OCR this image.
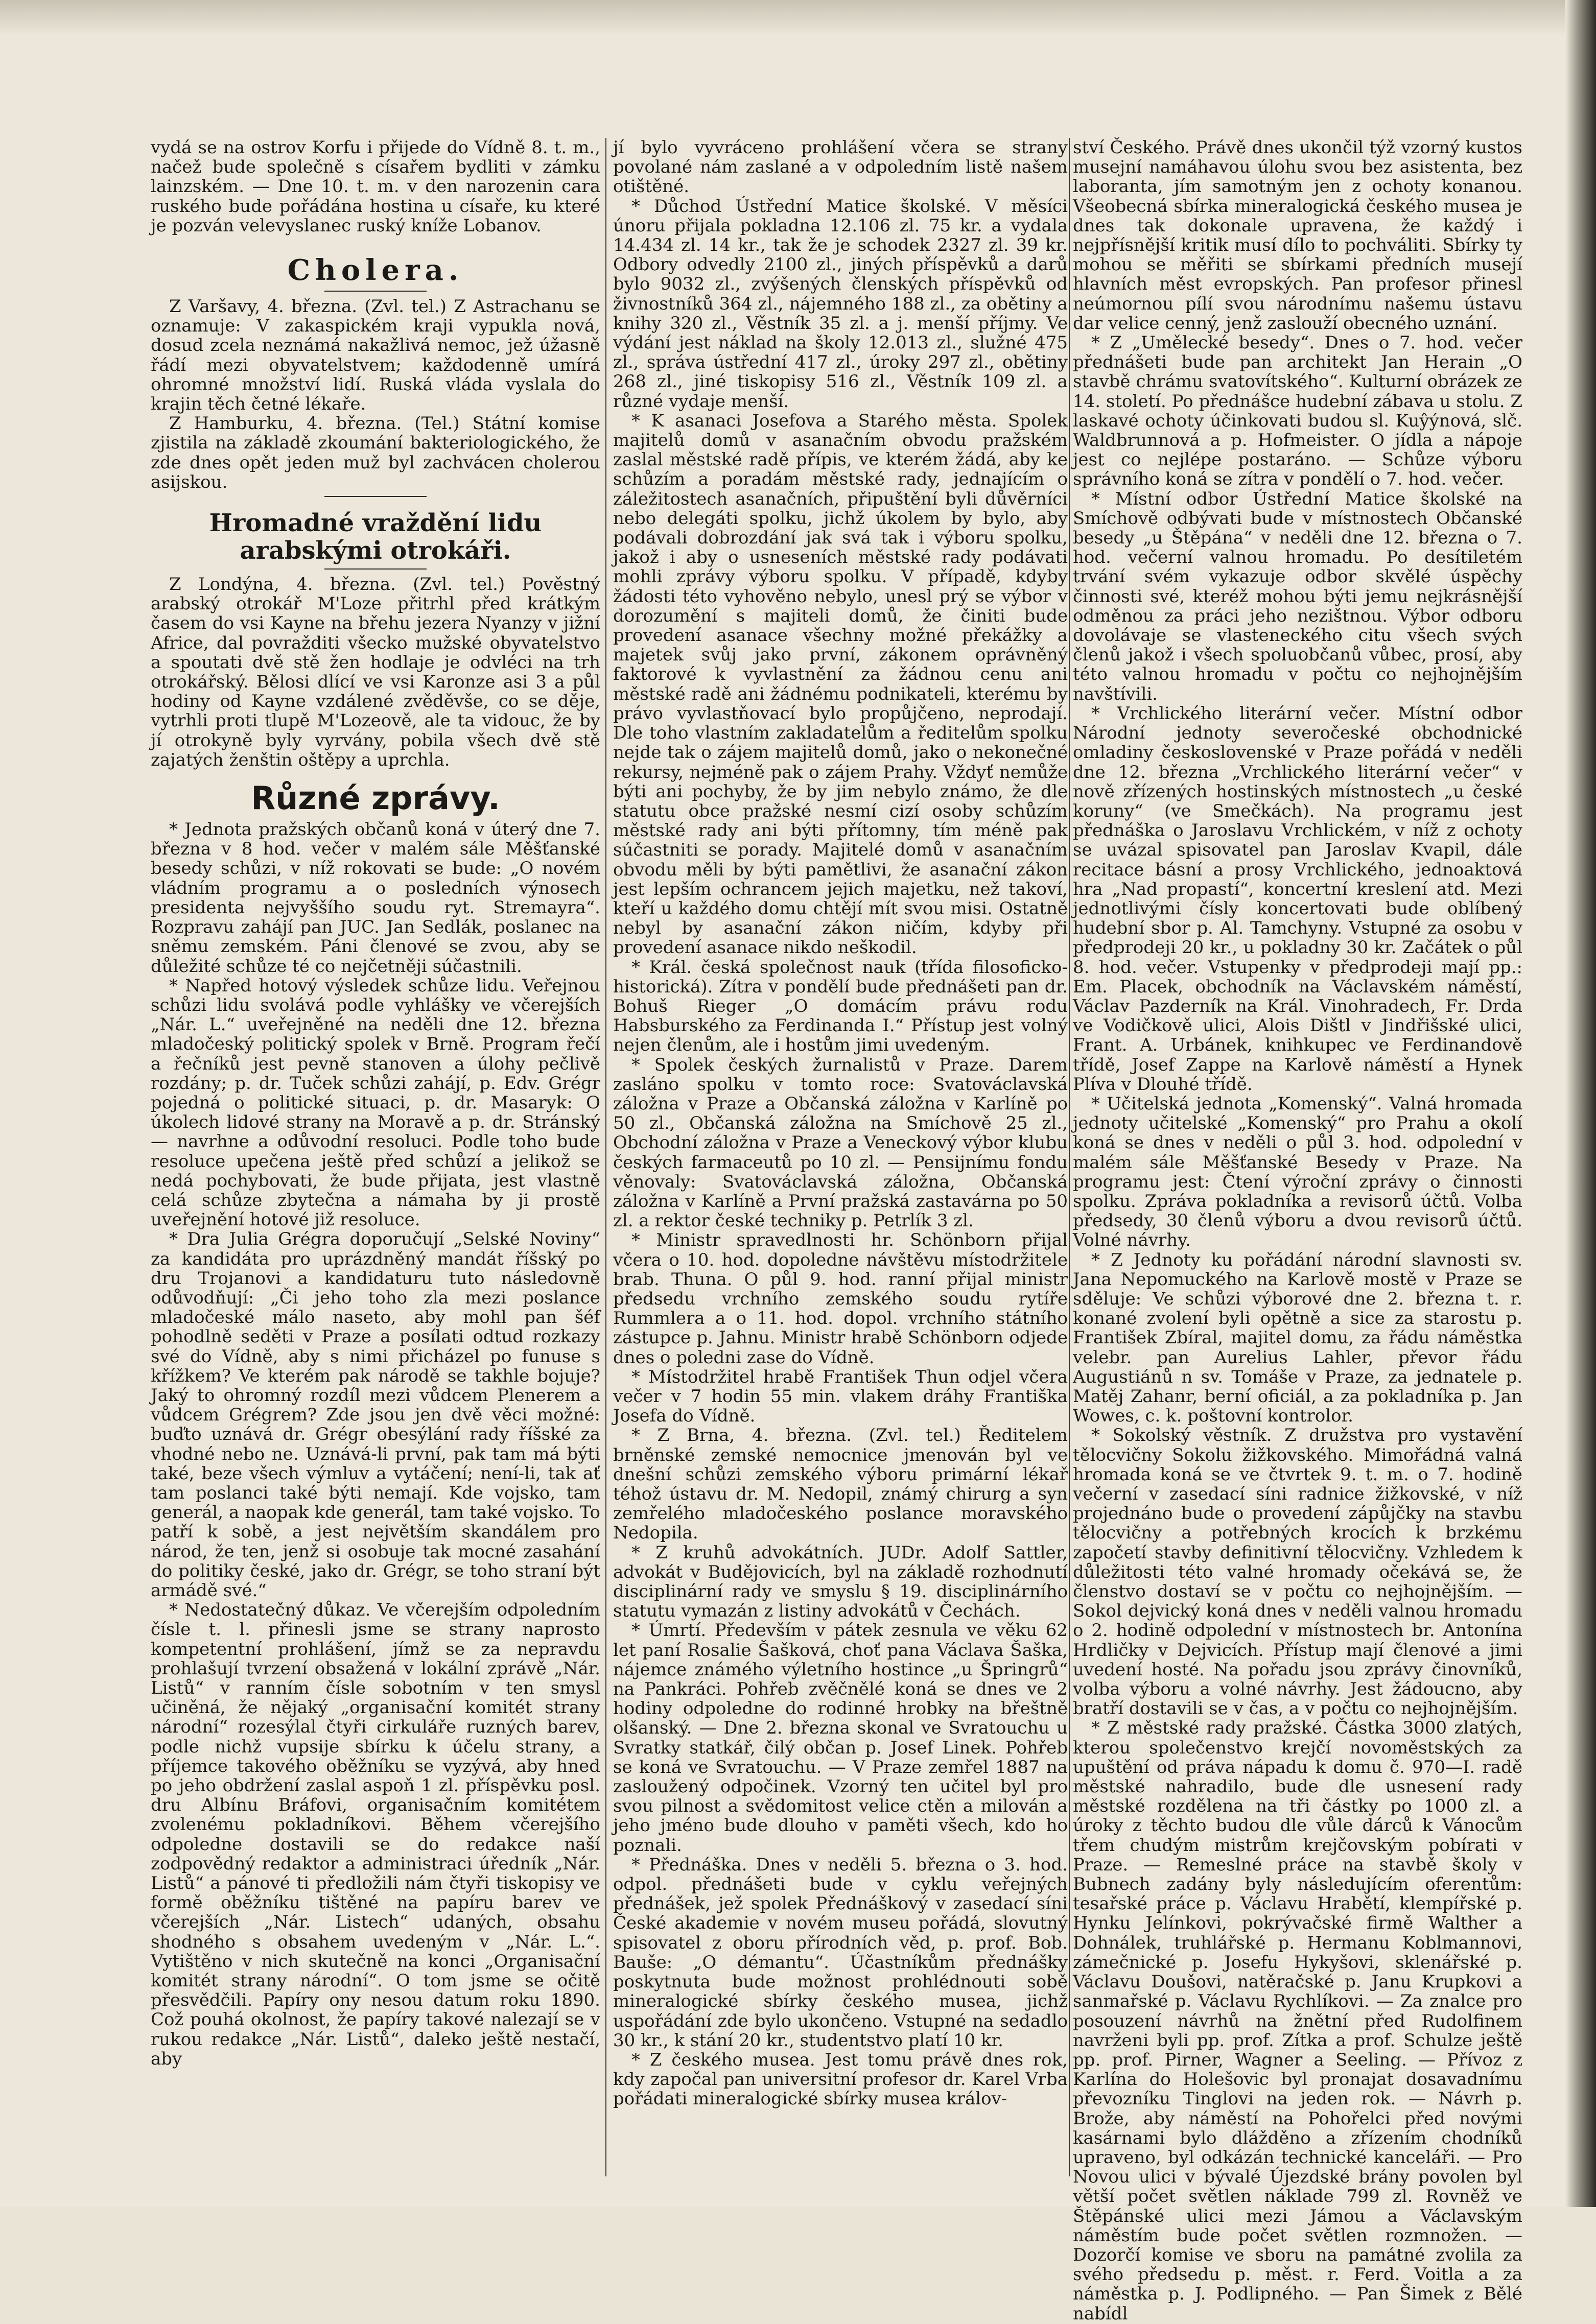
vydá se na ostrov Korfu i přijede do Vídně 8. t. m., načež bude společně s císařem bydliti v zámku lainzském. — Dne 10. t. m. v den narozenin cara ruského bude pořádána hostina u císaře, ku které je pozván velevyslanec ruský kníže Lobanov.

Cholera.

Z Varšavy, 4. března. (Zvl. tel.) Z Astrachanu se oznamuje: V zakaspickém kraji vypukla nová, dosud zcela neznámá nakažlivá nemoc, jež úžasně řádí mezi obyvatelstvem; každodenně umírá ohromné množství lidí. Ruská vláda vyslala do krajin těch četné lékaře.

Z Hamburku, 4. března. (Tel.) Státní komise zjistila na základě zkoumání bakteriologického, že zde dnes opět jeden muž byl zachvácen cholerou asijskou.

Hromadné vraždění lidu arabskými otrokáři.

Z Londýna, 4. března. (Zvl. tel.) Pověstný arabský otrokář M'Loze přitrhl před krátkým časem do vsi Kayne na břehu jezera Nyanzy v jižní Africe, dal povražditi všecko mužské obyvatelstvo a spoutati dvě stě žen hodlaje je odvléci na trh otrokářský. Bělosi dlící ve vsi Karonze asi 3 a půl hodiny od Kayne vzdálené zvěděvše, co se děje, vytrhli proti tlupě M'Lozeově, ale ta vidouc, že by jí otrokyně byly vyrvány, pobila všech dvě stě zajatých ženštin oštěpy a uprchla.

Různé zprávy.

* Jednota pražských občanů koná v úterý dne 7. března v 8 hod. večer v malém sále Měšťanské besedy schůzi, v níž rokovati se bude: „O novém vládním programu a o posledních výnosech presidenta nejvyššího soudu ryt. Stremayra“. Rozpravu zahájí pan JUC. Jan Sedlák, poslanec na sněmu zemském. Páni členové se zvou, aby se důležité schůze té co nejčetněji súčastnili.

* Napřed hotový výsledek schůze lidu. Veřejnou schůzi lidu svolává podle vyhlášky ve včerejších „Nár. L.“ uveřejněné na neděli dne 12. března mladočeský politický spolek v Brně. Program řečí a řečníků jest pevně stanoven a úlohy pečlivě rozdány; p. dr. Tuček schůzi zahájí, p. Edv. Grégr pojedná o politické situaci, p. dr. Masaryk: O úkolech lidové strany na Moravě a p. dr. Stránský — navrhne a odůvodní resoluci. Podle toho bude resoluce upečena ještě před schůzí a jelikož se nedá pochybovati, že bude přijata, jest vlastně celá schůze zbytečna a námaha by ji prostě uveřejnění hotové již resoluce.

* Dra Julia Grégra doporučují „Selské Noviny“ za kandidáta pro uprázdněný mandát říšský po dru Trojanovi a kandidaturu tuto následovně odůvodňují: „Či jeho toho zla mezi poslance mladočeské málo naseto, aby mohl pan šéf pohodlně seděti v Praze a posílati odtud rozkazy své do Vídně, aby s nimi přicházel po funuse s křížkem? Ve kterém pak národě se takhle bojuje? Jaký to ohromný rozdíl mezi vůdcem Plenerem a vůdcem Grégrem? Zde jsou jen dvě věci možné: buďto uznává dr. Grégr obesýlání rady říšské za vhodné nebo ne. Uznává-li první, pak tam má býti také, beze všech výmluv a vytáčení; není-li, tak ať tam poslanci také býti nemají. Kde vojsko, tam generál, a naopak kde generál, tam také vojsko. To patří k sobě, a jest největším skandálem pro národ, že ten, jenž si osobuje tak mocné zasahání do politiky české, jako dr. Grégr, se toho straní být armádě své.“

* Nedostatečný důkaz. Ve včerejším odpoledním čísle t. l. přinesli jsme se strany naprosto kompetentní prohlášení, jímž se za nepravdu prohlašují tvrzení obsažená v lokální zprávě „Nár. Listů“ v ranním čísle sobotním v ten smysl učiněná, že nějaký „organisační komitét strany národní“ rozesýlal čtyři cirkuláře ruzných barev, podle nichž vupsije sbírku k účelu strany, a příjemce takového oběžníku se vyzývá, aby hned po jeho obdržení zaslal aspoň 1 zl. příspěvku posl. dru Albínu Bráfovi, organisačním komitétem zvolenému pokladníkovi. Během včerejšího odpoledne dostavili se do redakce naší zodpovědný redaktor a administraci úředník „Nár. Listů“ a pánové ti předložili nám čtyři tiskopisy ve formě oběžníku tištěné na papíru barev ve včerejších „Nár. Listech“ udaných, obsahu shodného s obsahem uvedeným v „Nár. L.“. Vytištěno v nich skutečně na konci „Organisační komitét strany národní“. O tom jsme se očitě přesvědčili. Papíry ony nesou datum roku 1890. Což pouhá okolnost, že papíry takové nalezají se v rukou redakce „Nár. Listů“, daleko ještě nestačí, aby

jí bylo vyvráceno prohlášení včera se strany povolané nám zaslané a v odpoledním listě našem otištěné.

* Důchod Ústřední Matice školské. V měsíci únoru přijala pokladna 12.106 zl. 75 kr. a vydala 14.434 zl. 14 kr., tak že je schodek 2327 zl. 39 kr. Odbory odvedly 2100 zl., jiných příspěvků a darů bylo 9032 zl., zvýšených členských příspěvků od živnostníků 364 zl., nájemného 188 zl., za obětiny a knihy 320 zl., Věstník 35 zl. a j. menší příjmy. Ve výdání jest náklad na školy 12.013 zl., služné 475 zl., správa ústřední 417 zl., úroky 297 zl., obětiny 268 zl., jiné tiskopisy 516 zl., Věstník 109 zl. a různé vydaje menší.

* K asanaci Josefova a Starého města. Spolek majitelů domů v asanačním obvodu pražském zaslal městské radě přípis, ve kterém žádá, aby ke schůzím a poradám městské rady, jednajícím o záležitostech asanačních, připuštění byli důvěrníci nebo delegáti spolku, jichž úkolem by bylo, aby podávali dobrozdání jak svá tak i výboru spolku, jakož i aby o usneseních městské rady podávati mohli zprávy výboru spolku. V případě, kdyby žádosti této vyhověno nebylo, unesl prý se výbor v dorozumění s majiteli domů, že činiti bude provedení asanace všechny možné překážky a majetek svůj jako první, zákonem oprávněný faktorové k vyvlastnění za žádnou cenu ani městské radě ani žádnému podnikateli, kterému by právo vyvlastňovací bylo propůjčeno, neprodají. Dle toho vlastním zakladatelům a ředitelům spolku nejde tak o zájem majitelů domů, jako o nekonečné rekursy, nejméně pak o zájem Prahy. Vždyť nemůže býti ani pochyby, že by jim nebylo známo, že dle statutu obce pražské nesmí cizí osoby schůzím městské rady ani býti přítomny, tím méně pak súčastniti se porady. Majitelé domů v asanačním obvodu měli by býti pamětlivi, že asanační zákon jest lepším ochrancem jejich majetku, než takoví, kteří u každého domu chtějí mít svou misi. Ostatně nebyl by asanační zákon ničím, kdyby při provedení asanace nikdo neškodil.

* Král. česká společnost nauk (třída filosoficko-historická). Zítra v pondělí bude přednášeti pan dr. Bohuš Rieger „O domácím právu rodu Habsburského za Ferdinanda I.“ Přístup jest volný nejen členům, ale i hostům jimi uvedeným.

* Spolek českých žurnalistů v Praze. Darem zasláno spolku v tomto roce: Svatováclavská záložna v Praze a Občanská záložna v Karlíně po 50 zl., Občanská záložna na Smíchově 25 zl., Obchodní záložna v Praze a Veneckový výbor klubu českých farmaceutů po 10 zl. — Pensijnímu fondu věnovaly: Svatováclavská záložna, Občanská záložna v Karlíně a První pražská zastavárna po 50 zl. a rektor české techniky p. Petrlík 3 zl.

* Ministr spravedlnosti hr. Schönborn přijal včera o 10. hod. dopoledne návštěvu místodržitele brab. Thuna. O půl 9. hod. ranní přijal ministr předsedu vrchního zemského soudu rytíře Rummlera a o 11. hod. dopol. vrchního státního zástupce p. Jahnu. Ministr hrabě Schönborn odjede dnes o poledni zase do Vídně.

* Místodržitel hrabě František Thun odjel včera večer v 7 hodin 55 min. vlakem dráhy Františka Josefa do Vídně.

* Z Brna, 4. března. (Zvl. tel.) Ředitelem brněnské zemské nemocnice jmenován byl ve dnešní schůzi zemského výboru primární lékař téhož ústavu dr. M. Nedopil, známý chirurg a syn zemřelého mladočeského poslance moravského Nedopila.

* Z kruhů advokátních. JUDr. Adolf Sattler, advokát v Budějovicích, byl na základě rozhodnutí disciplinární rady ve smyslu § 19. disciplinárního statutu vymazán z listiny advokátů v Čechách.

* Úmrtí. Především v pátek zesnula ve věku 62 let paní Rosalie Šašková, choť pana Václava Šaška, nájemce známého výletního hostince „u Špringrů“ na Pankráci. Pohřeb zvěčnělé koná se dnes ve 2 hodiny odpoledne do rodinné hrobky na břeštně olšanský. — Dne 2. března skonal ve Svratouchu u Svratky statkář, čilý občan p. Josef Linek. Pohřeb se koná ve Svratouchu. — V Praze zemřel 1887 na zasloužený odpočinek. Vzorný ten učitel byl pro svou pilnost a svědomitost velice ctěn a milován a jeho jméno bude dlouho v paměti všech, kdo ho poznali.

* Přednáška. Dnes v neděli 5. března o 3. hod. odpol. přednášeti bude v cyklu veřejných přednášek, jež spolek Přednáškový v zasedací síni České akademie v novém museu pořádá, slovutný spisovatel z oboru přírodních věd, p. prof. Bob. Bauše: „O démantu“. Účastníkům přednášky poskytnuta bude možnost prohlédnouti sobě mineralogické sbírky českého musea, jichž uspořádání zde bylo ukončeno. Vstupné na sedadlo 30 kr., k stání 20 kr., studentstvo platí 10 kr.

* Z českého musea. Jest tomu právě dnes rok, kdy započal pan universitní profesor dr. Karel Vrba pořádati mineralogické sbírky musea králov-

ství Českého. Právě dnes ukončil týž vzorný kustos musejní namáhavou úlohu svou bez asistenta, bez laboranta, jím samotným jen z ochoty konanou. Všeobecná sbírka mineralogická českého musea je dnes tak dokonale upravena, že každý i nejpřísnější kritik musí dílo to pochváliti. Sbírky ty mohou se měřiti se sbírkami předních musejí hlavních měst evropských. Pan profesor přinesl neúmornou pílí svou národnímu našemu ústavu dar velice cenný, jenž zaslouží obecného uznání.

* Z „Umělecké besedy“. Dnes o 7. hod. večer přednášeti bude pan architekt Jan Herain „O stavbě chrámu svatovítského“. Kulturní obrázek ze 14. století. Po přednášce hudební zábava u stolu. Z laskavé ochoty účinkovati budou sl. Kuŷýnová, slč. Waldbrunnová a p. Hofmeister. O jídla a nápoje jest co nejlépe postaráno. — Schůze výboru správního koná se zítra v pondělí o 7. hod. večer.

* Místní odbor Ústřední Matice školské na Smíchově odbývati bude v místnostech Občanské besedy „u Štěpána“ v neděli dne 12. března o 7. hod. večerní valnou hromadu. Po desítiletém trvání svém vykazuje odbor skvělé úspěchy činnosti své, kteréž mohou býti jemu nejkrásnější odměnou za práci jeho nezištnou. Výbor odboru dovolávaje se vlasteneckého citu všech svých členů jakož i všech spoluobčanů vůbec, prosí, aby této valnou hromadu v počtu co nejhojnějším navštívili.

* Vrchlického literární večer. Místní odbor Národní jednoty severočeské obchodnické omladiny československé v Praze pořádá v neděli dne 12. března „Vrchlického literární večer“ v nově zřízených hostinských místnostech „u české koruny“ (ve Smečkách). Na programu jest přednáška o Jaroslavu Vrchlickém, v níž z ochoty se uvázal spisovatel pan Jaroslav Kvapil, dále recitace básní a prosy Vrchlického, jednoaktová hra „Nad propastí“, koncertní kreslení atd. Mezi jednotlivými čísly koncertovati bude oblíbený hudební sbor p. Al. Tamchyny. Vstupné za osobu v předprodeji 20 kr., u pokladny 30 kr. Začátek o půl 8. hod. večer. Vstupenky v předprodeji mají pp.: Em. Placek, obchodník na Václavském náměstí, Václav Pazderník na Král. Vinohradech, Fr. Drda ve Vodičkově ulici, Alois Dištl v Jindřišské ulici, Frant. A. Urbánek, knihkupec ve Ferdinandově třídě, Josef Zappe na Karlově náměstí a Hynek Plíva v Dlouhé třídě.

* Učitelská jednota „Komenský“. Valná hromada jednoty učitelské „Komenský“ pro Prahu a okolí koná se dnes v neděli o půl 3. hod. odpolední v malém sále Měšťanské Besedy v Praze. Na programu jest: Čtení výroční zprávy o činnosti spolku. Zpráva pokladníka a revisorů účtů. Volba předsedy, 30 členů výboru a dvou revisorů účtů. Volné návrhy.

* Z Jednoty ku pořádání národní slavnosti sv. Jana Nepomuckého na Karlově mostě v Praze se sděluje: Ve schůzi výborové dne 2. března t. r. konané zvolení byli opětně a sice za starostu p. František Zbíral, majitel domu, za řádu náměstka velebr. pan Aurelius Lahler, převor řádu Augustiánů n sv. Tomáše v Praze, za jednatele p. Matěj Zahanr, berní oficiál, a za pokladníka p. Jan Wowes, c. k. poštovní kontrolor.

* Sokolský věstník. Z družstva pro vystavění tělocvičny Sokolu žižkovského. Mimořádná valná hromada koná se ve čtvrtek 9. t. m. o 7. hodině večerní v zasedací síni radnice žižkovské, v níž projednáno bude o provedení zápůjčky na stavbu tělocvičny a potřebných krocích k brzkému započetí stavby definitivní tělocvičny. Vzhledem k důležitosti této valné hromady očekává se, že členstvo dostaví se v počtu co nejhojnějším. — Sokol dejvický koná dnes v neděli valnou hromadu o 2. hodině odpolední v místnostech br. Antonína Hrdličky v Dejvicích. Přístup mají členové a jimi uvedení hosté. Na pořadu jsou zprávy činovníků, volba výboru a volné návrhy. Jest žádoucno, aby bratří dostavili se v čas, a v počtu co nejhojnějším.

* Z městské rady pražské. Částka 3000 zlatých, kterou společenstvo krejčí novoměstských za upuštění od práva nápadu k domu č. 970—I. radě městské nahradilo, bude dle usnesení rady městské rozdělena na tři částky po 1000 zl. a úroky z těchto budou dle vůle dárců k Vánocům třem chudým mistrům krejčovským pobírati v Praze. — Remeslné práce na stavbě školy v Bubnech zadány byly následujícím oferentům: tesařské práce p. Václavu Hrabětí, klempířské p. Hynku Jelínkovi, pokrývačské firmě Walther a Dohnálek, truhlářské p. Hermanu Koblmannovi, zámečnické p. Josefu Hykyšovi, sklenářské p. Václavu Doušovi, natěračské p. Janu Krupkovi a sanmařské p. Václavu Rychlíkovi. — Za znalce pro posouzení návrhů na žnětní před Rudolfinem navrženi byli pp. prof. Zítka a prof. Schulze ještě pp. prof. Pirner, Wagner a Seeling. — Přívoz z Karlína do Holešovic byl pronajat dosavadnímu převozníku Tinglovi na jeden rok. — Návrh p. Brože, aby náměstí na Pohořelci před novými kasárnami bylo dlážděno a zřízením chodníků upraveno, byl odkázán technické kanceláři. — Pro Novou ulici v bývalé Újezdské brány povolen byl větší počet světlen náklade 799 zl. Rovněž ve Štěpánské ulici mezi Jámou a Václavským náměstím bude počet světlen rozmnožen. — Dozorčí komise ve sboru na památné zvolila za svého předsedu p. měst. r. Ferd. Voitla a za náměstka p. J. Podlipného. — Pan Šimek z Bělé nabídl
